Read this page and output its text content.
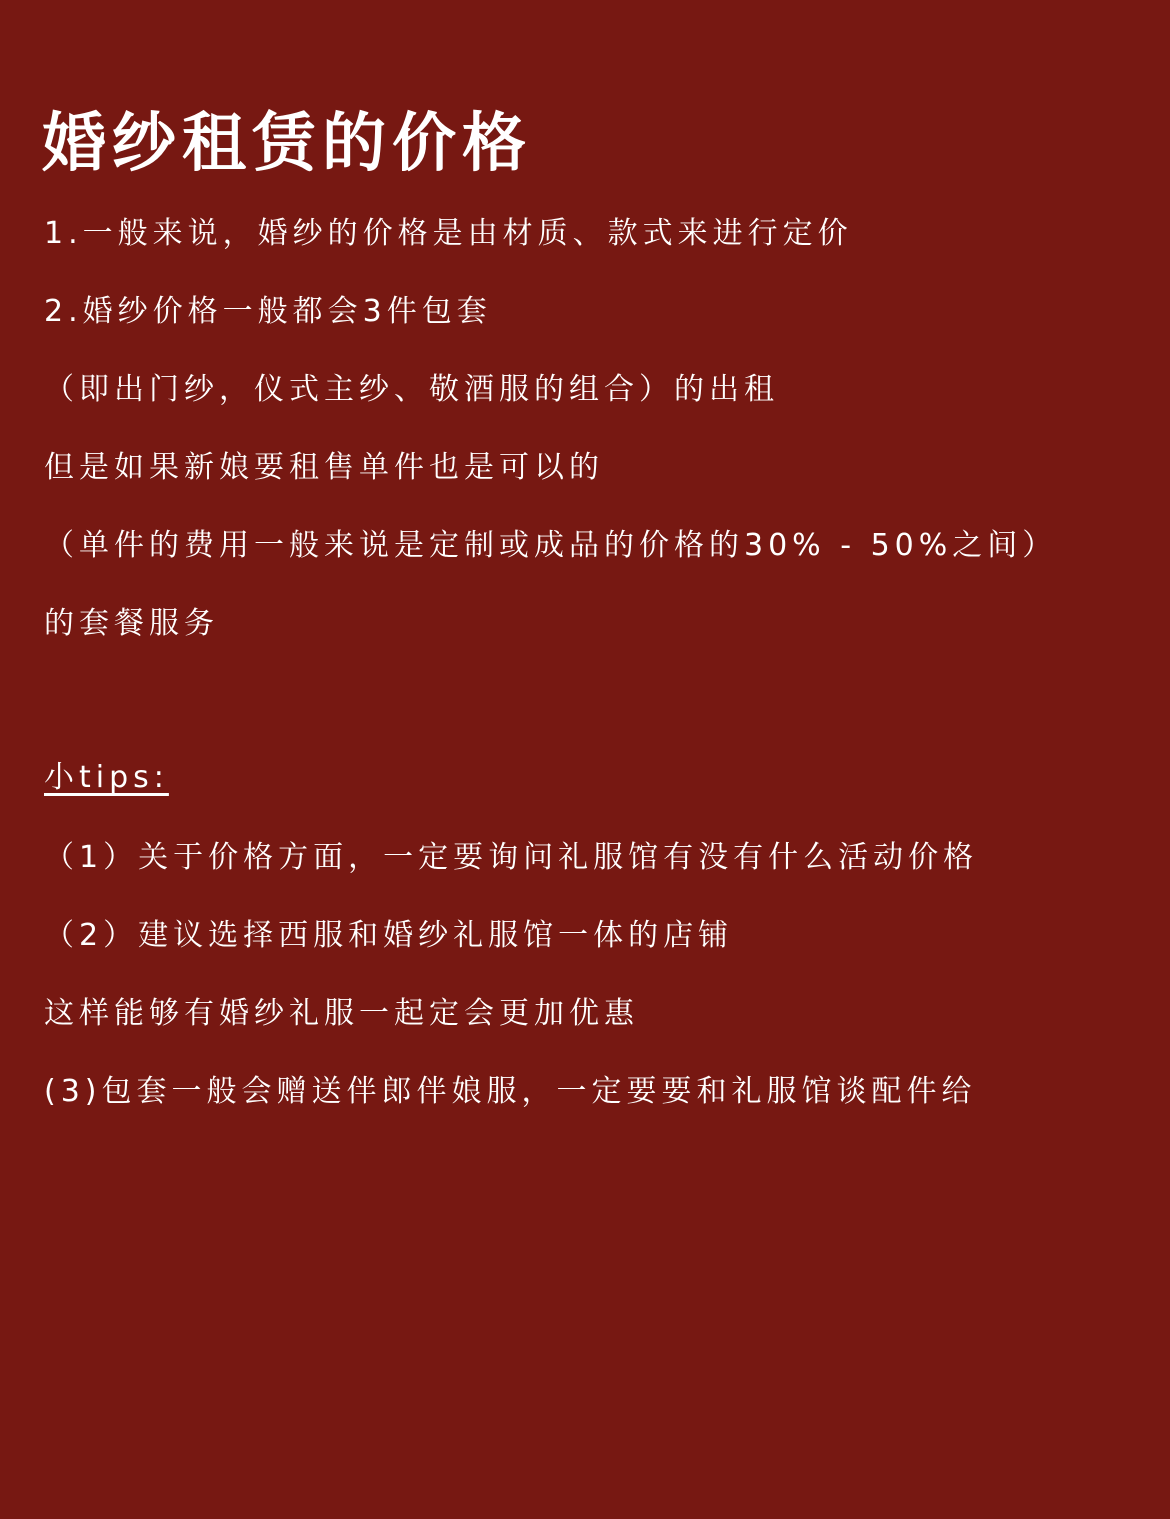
婚纱租赁的价格
1.一般来说，婚纱的价格是由材质、款式来进行定价
2.婚纱价格一般都会3件包套
（即出门纱，仪式主纱、敬酒服的组合）的出租
但是如果新娘要租售单件也是可以的
（单件的费用一般来说是定制或成品的价格的30% - 50%之间）
的套餐服务
小tips:
（1）关于价格方面，一定要询问礼服馆有没有什么活动价格
（2）建议选择西服和婚纱礼服馆一体的店铺
这样能够有婚纱礼服一起定会更加优惠
(3)包套一般会赠送伴郎伴娘服，一定要要和礼服馆谈配件给
